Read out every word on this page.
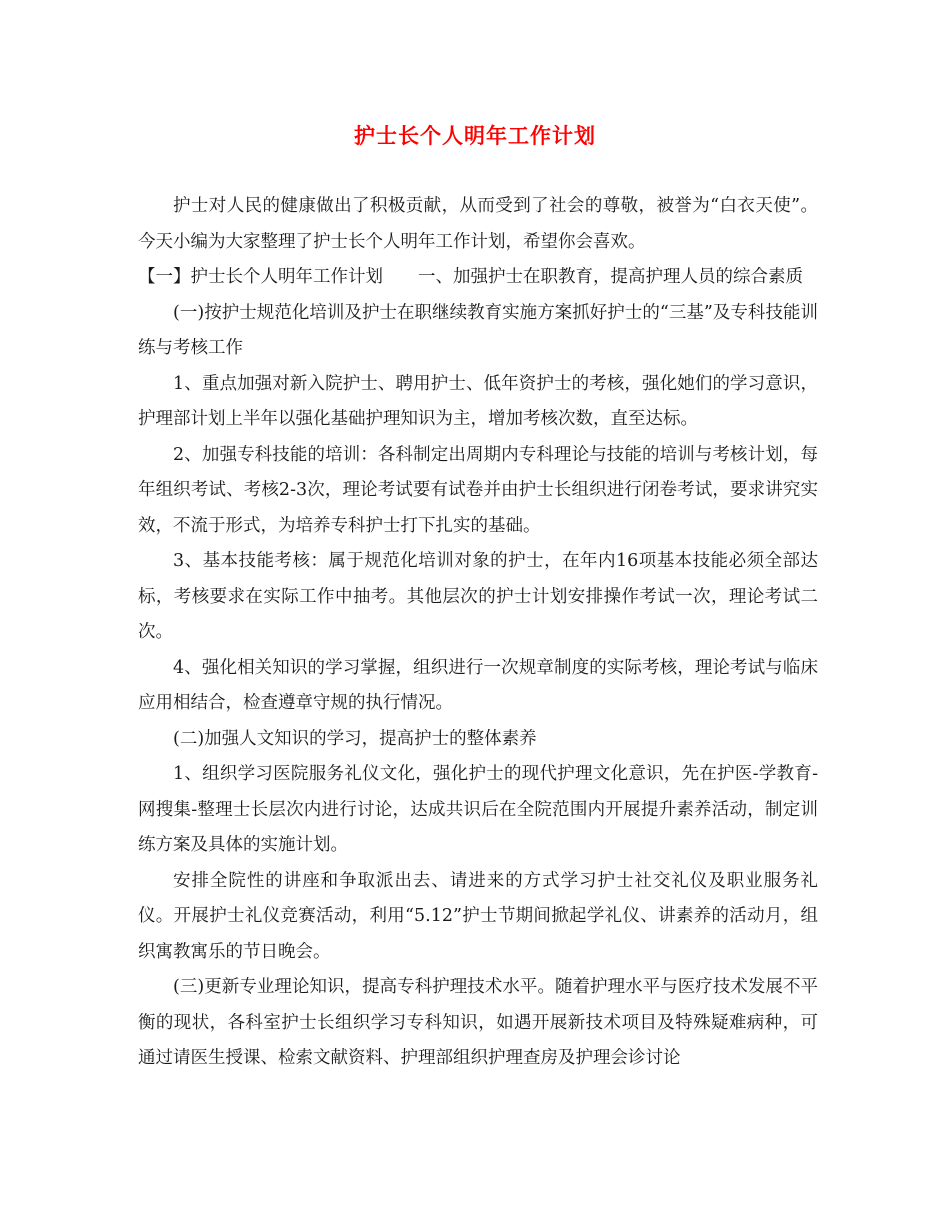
护士长个人明年工作计划

护士对人民的健康做出了积极贡献，从而受到了社会的尊敬，被誉为“白衣天使”。今天小编为大家整理了护士长个人明年工作计划，希望你会喜欢。

【一】护士长个人明年工作计划　　一、加强护士在职教育，提高护理人员的综合素质

(一)按护士规范化培训及护士在职继续教育实施方案抓好护士的“三基”及专科技能训练与考核工作

1、重点加强对新入院护士、聘用护士、低年资护士的考核，强化她们的学习意识，护理部计划上半年以强化基础护理知识为主，增加考核次数，直至达标。

2、加强专科技能的培训：各科制定出周期内专科理论与技能的培训与考核计划，每年组织考试、考核2-3次，理论考试要有试卷并由护士长组织进行闭卷考试，要求讲究实效，不流于形式，为培养专科护士打下扎实的基础。

3、基本技能考核：属于规范化培训对象的护士，在年内16项基本技能必须全部达标，考核要求在实际工作中抽考。其他层次的护士计划安排操作考试一次，理论考试二次。

4、强化相关知识的学习掌握，组织进行一次规章制度的实际考核，理论考试与临床应用相结合，检查遵章守规的执行情况。

(二)加强人文知识的学习，提高护士的整体素养

1、组织学习医院服务礼仪文化，强化护士的现代护理文化意识，先在护医-学教育-网搜集-整理士长层次内进行讨论，达成共识后在全院范围内开展提升素养活动，制定训练方案及具体的实施计划。

安排全院性的讲座和争取派出去、请进来的方式学习护士社交礼仪及职业服务礼仪。开展护士礼仪竞赛活动，利用“5.12”护士节期间掀起学礼仪、讲素养的活动月，组织寓教寓乐的节日晚会。

(三)更新专业理论知识，提高专科护理技术水平。随着护理水平与医疗技术发展不平衡的现状，各科室护士长组织学习专科知识，如遇开展新技术项目及特殊疑难病种，可通过请医生授课、检索文献资料、护理部组织护理查房及护理会诊讨论
